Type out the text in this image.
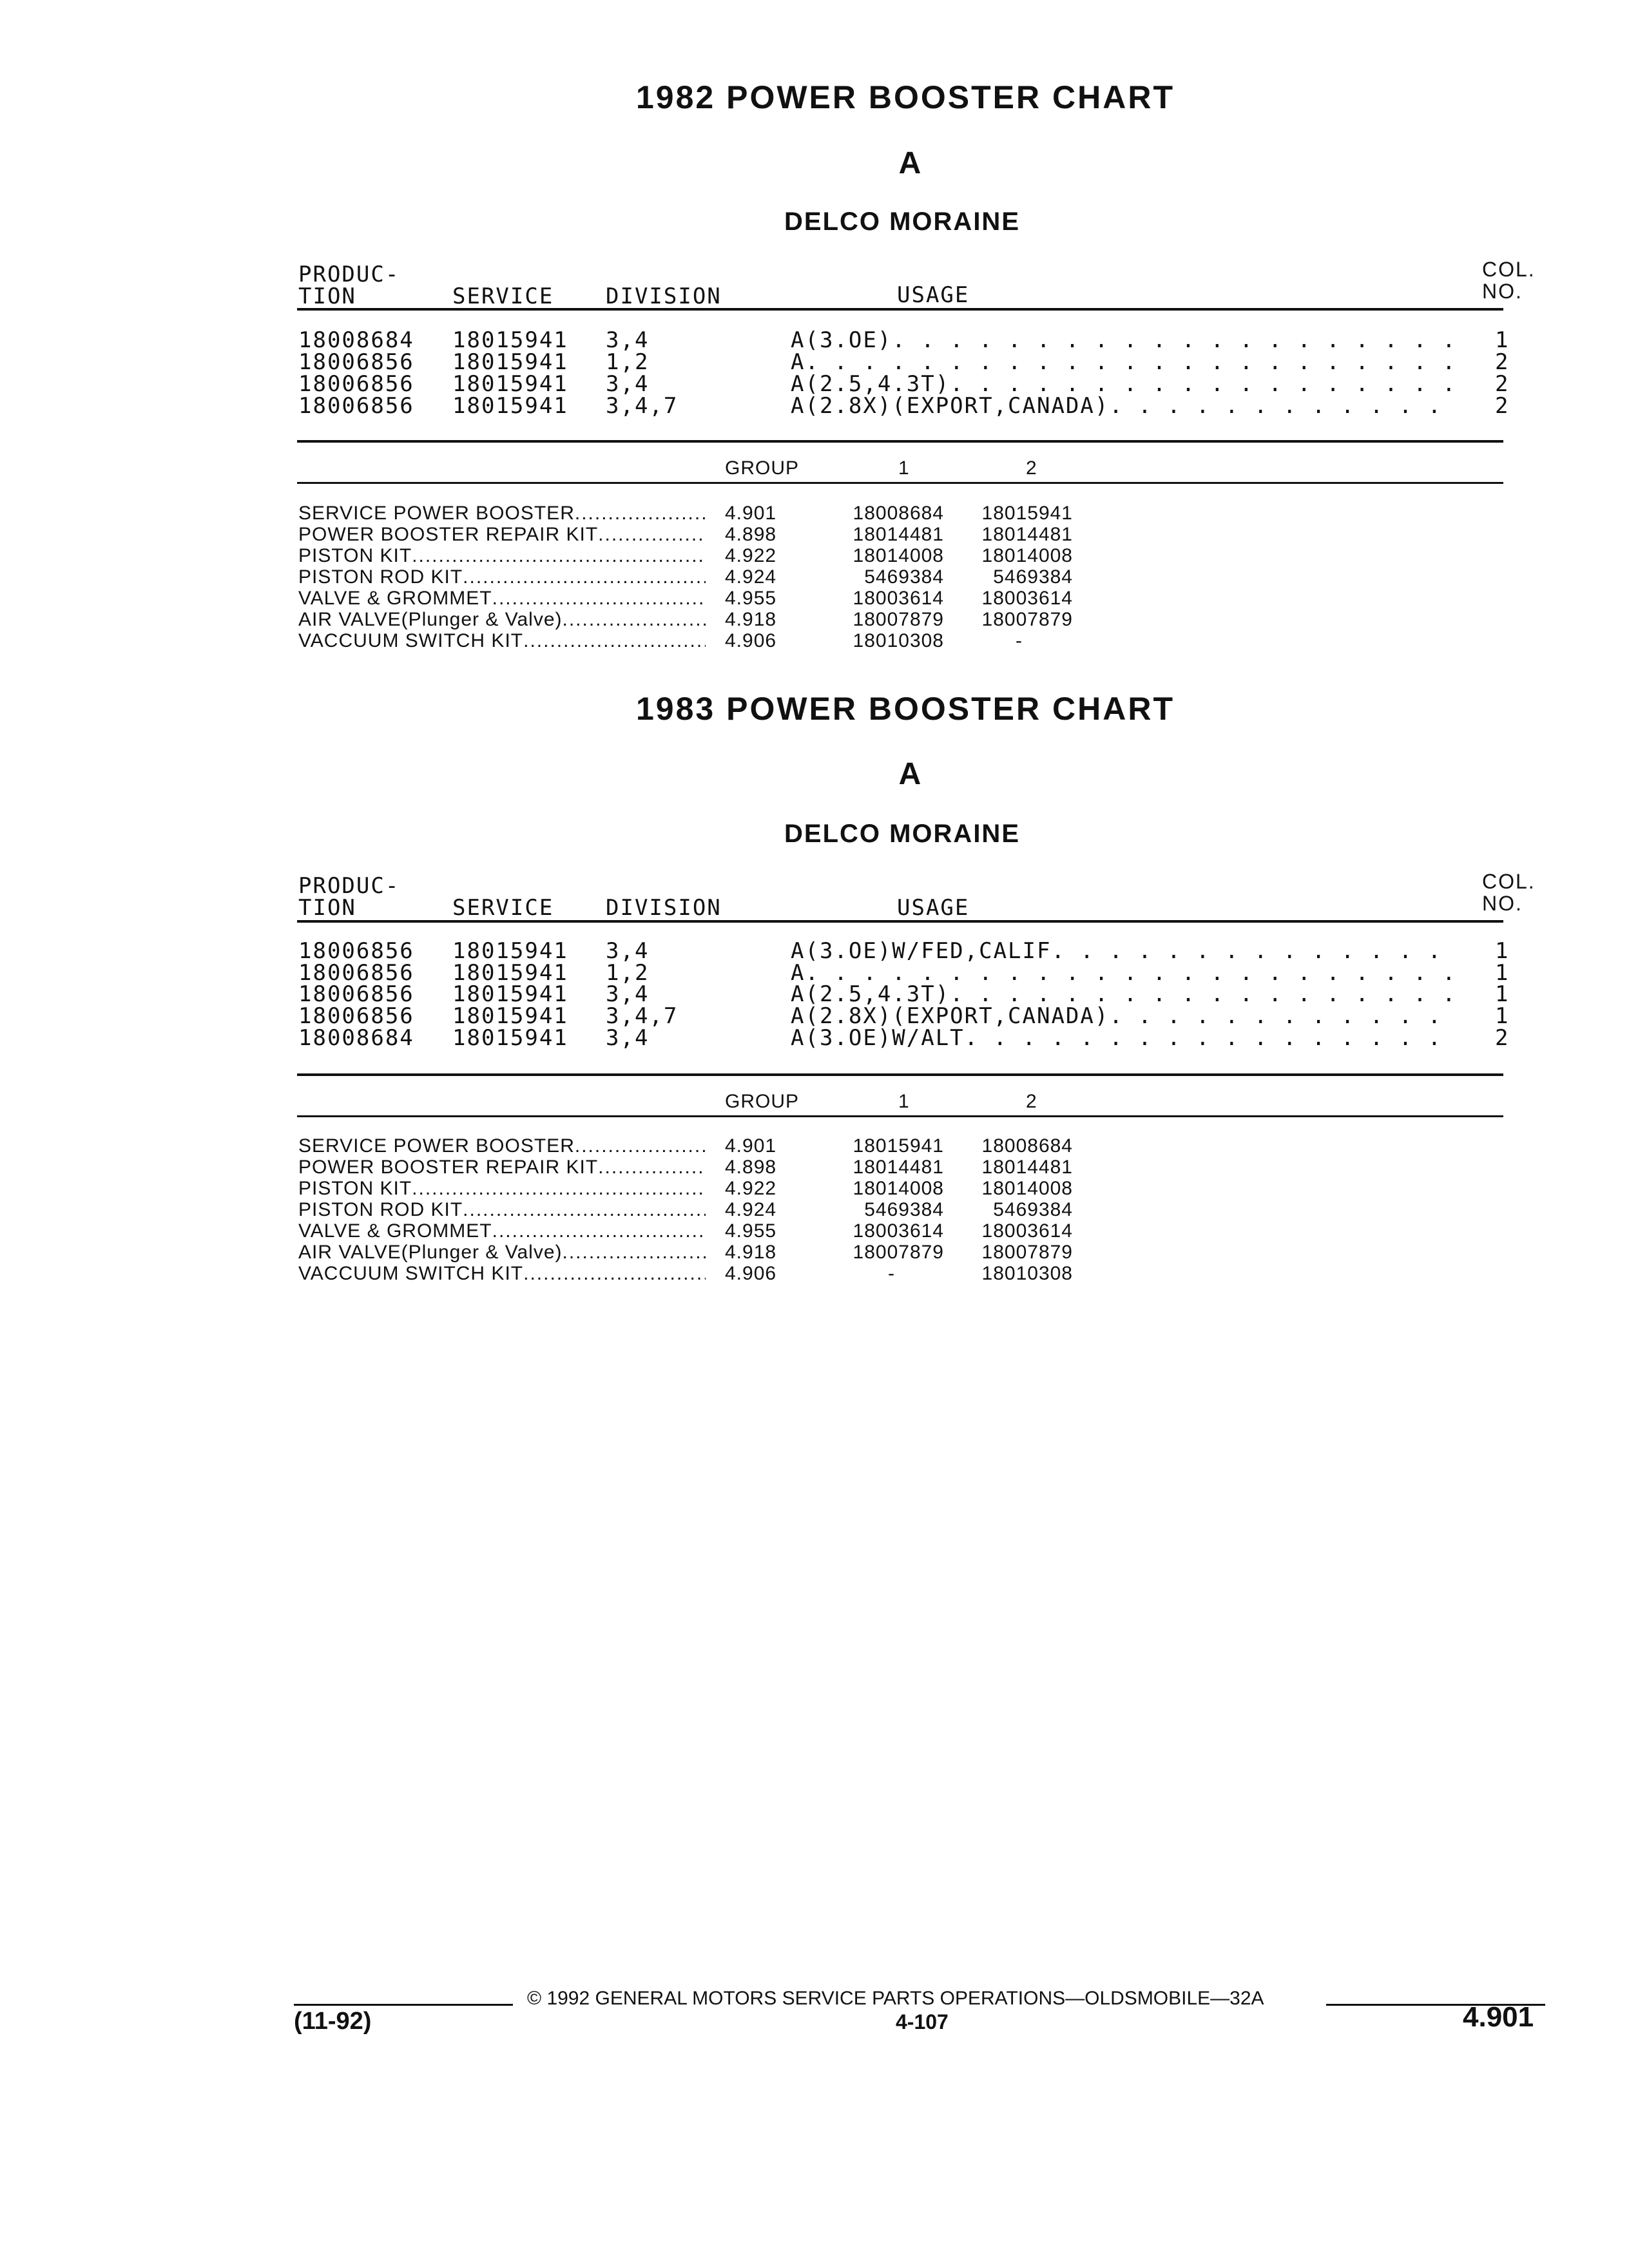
1982 POWER BOOSTER CHART
A
DELCO MORAINE
PRODUC-
TION	SERVICE DIVISION	USAGE
COL.
NO.
18008684 18015941 3,4	A(3.OE) . . .	1
18006856 18015941 1,2	A . . .	2
18006856 18015941 3,4	A(2.5,4.3T) . . .	2
18006856 18015941 3,4,7	A(2.8X)(EXPORT,CANADA) . . .	2
GROUP	1	2
SERVICE POWER BOOSTER .....	4.901	18008684	18015941
POWER BOOSTER REPAIR KIT .....	4.898	18014481	18014481
PISTON KIT .....	4.922	18014008	18014008
PISTON ROD KIT .....	4.924	5469384	5469384
VALVE & GROMMET .....	4.955	18003614	18003614
AIR VALVE(Plunger & Valve) .....	4.918	18007879	18007879
VACCUUM SWITCH KIT .....	4.906	18010308	-
1983 POWER BOOSTER CHART
A
DELCO MORAINE
PRODUC-
TION	SERVICE DIVISION	USAGE
COL.
NO.
18006856 18015941 3,4	A(3.OE)W/FED,CALIF . . .	1
18006856 18015941 1,2	A . . .	1
18006856 18015941 3,4	A(2.5,4.3T) . . .	1
18006856 18015941 3,4,7	A(2.8X)(EXPORT,CANADA) . . .	1
18008684 18015941 3,4	A(3.OE)W/ALT . . .	2
GROUP	1	2
SERVICE POWER BOOSTER .....	4.901	18015941	18008684
POWER BOOSTER REPAIR KIT .....	4.898	18014481	18014481
PISTON KIT .....	4.922	18014008	18014008
PISTON ROD KIT .....	4.924	5469384	5469384
VALVE & GROMMET .....	4.955	18003614	18003614
AIR VALVE(Plunger & Valve) .....	4.918	18007879	18007879
VACCUUM SWITCH KIT .....	4.906	-	18010308
© 1992 GENERAL MOTORS SERVICE PARTS OPERATIONS—OLDSMOBILE—32A
(11-92)	4-107	4.901
